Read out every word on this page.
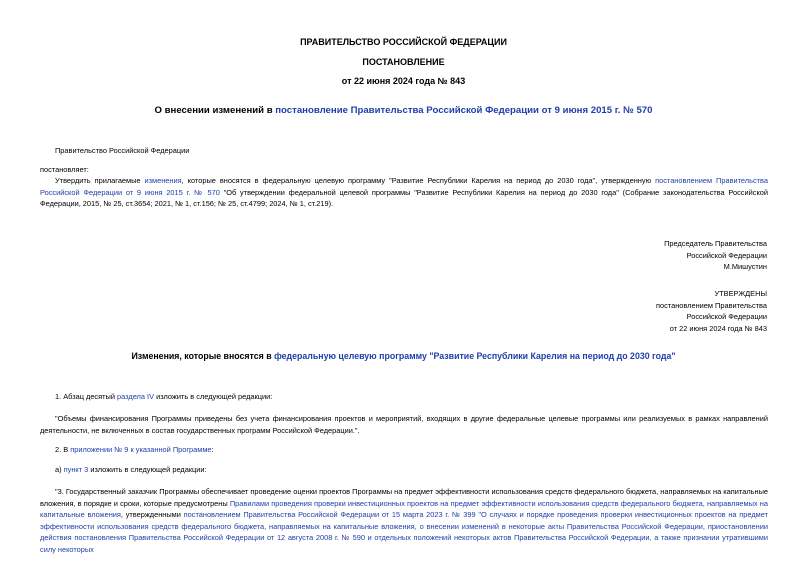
ПРАВИТЕЛЬСТВО РОССИЙСКОЙ ФЕДЕРАЦИИ
ПОСТАНОВЛЕНИЕ
от 22 июня 2024 года № 843
О внесении изменений в постановление Правительства Российской Федерации от 9 июня 2015 г. № 570
Правительство Российской Федерации
постановляет:
Утвердить прилагаемые изменения, которые вносятся в федеральную целевую программу "Развитие Республики Карелия на период до 2030 года", утвержденную постановлением Правительства Российской Федерации от 9 июня 2015 г. № 570 "Об утверждении федеральной целевой программы "Развитие Республики Карелия на период до 2030 года" (Собрание законодательства Российской Федерации, 2015, № 25, ст.3654; 2021, № 1, ст.156; № 25, ст.4799; 2024, № 1, ст.219).
Председатель Правительства
Российской Федерации
М.Мишустин
УТВЕРЖДЕНЫ
постановлением Правительства
Российской Федерации
от 22 июня 2024 года № 843
Изменения, которые вносятся в федеральную целевую программу "Развитие Республики Карелия на период до 2030 года"
1. Абзац десятый раздела IV изложить в следующей редакции:
"Объемы финансирования Программы приведены без учета финансирования проектов и мероприятий, входящих в другие федеральные целевые программы или реализуемых в рамках направлений деятельности, не включенных в состав государственных программ Российской Федерации.".
2. В приложении № 9 к указанной Программе:
а) пункт 3 изложить в следующей редакции:
"3. Государственный заказчик Программы обеспечивает проведение оценки проектов Программы на предмет эффективности использования средств федерального бюджета, направляемых на капитальные вложения, в порядке и сроки, которые предусмотрены Правилами проведения проверки инвестиционных проектов на предмет эффективности использования средств федерального бюджета, направляемых на капитальные вложения, утвержденными постановлением Правительства Российской Федерации от 15 марта 2023 г. № 399 "О случаях и порядке проведения проверки инвестиционных проектов на предмет эффективности использования средств федерального бюджета, направляемых на капитальные вложения, о внесении изменений в некоторые акты Правительства Российской Федерации, приостановлении действия постановления Правительства Российской Федерации от 12 августа 2008 г. № 590 и отдельных положений некоторых актов Правительства Российской Федерации, а также признании утратившими силу некоторых
